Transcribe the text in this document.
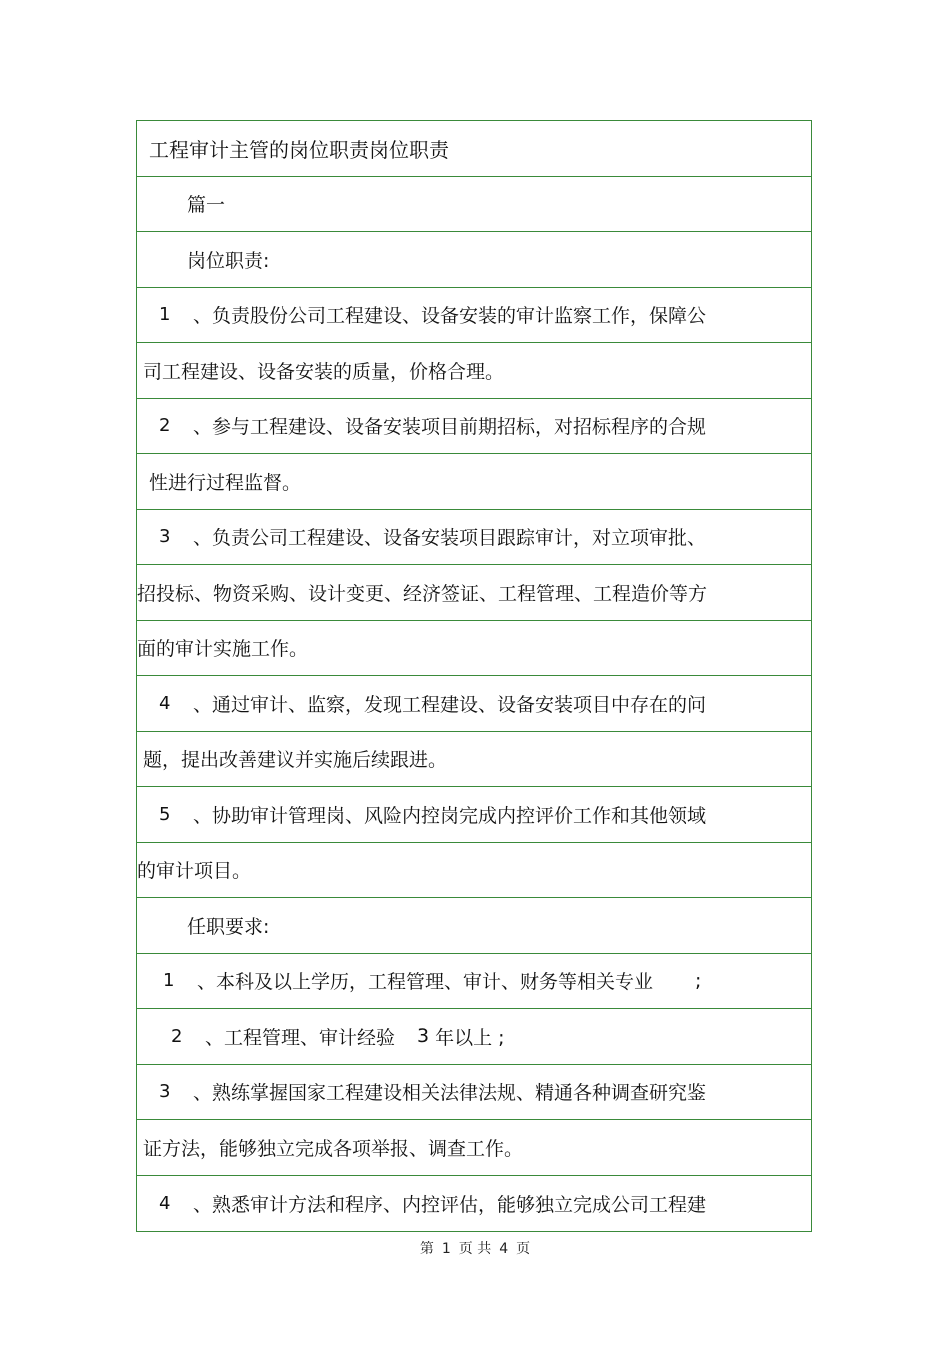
工程审计主管的岗位职责岗位职责
篇一
岗位职责:
1	、负责股份公司工程建设、设备安装的审计监察工作，保障公
司工程建设、设备安装的质量，价格合理。
2	、参与工程建设、设备安装项目前期招标，对招标程序的合规
性进行过程监督。
3	、负责公司工程建设、设备安装项目跟踪审计，对立项审批、
招投标、物资采购、设计变更、经济签证、工程管理、工程造价等方
面的审计实施工作。
4	、通过审计、监察，发现工程建设、设备安装项目中存在的问
题，提出改善建议并实施后续跟进。
5	、协助审计管理岗、风险内控岗完成内控评价工作和其他领域
的审计项目。
任职要求:
1	、本科及以上学历，工程管理、审计、财务等相关专业 ;
2	、工程管理、审计经验 3 年以上 ;
3	、熟练掌握国家工程建设相关法律法规、精通各种调查研究鉴
证方法，能够独立完成各项举报、调查工作。
4	、熟悉审计方法和程序、内控评估，能够独立完成公司工程建
第 1 页 共 4 页
